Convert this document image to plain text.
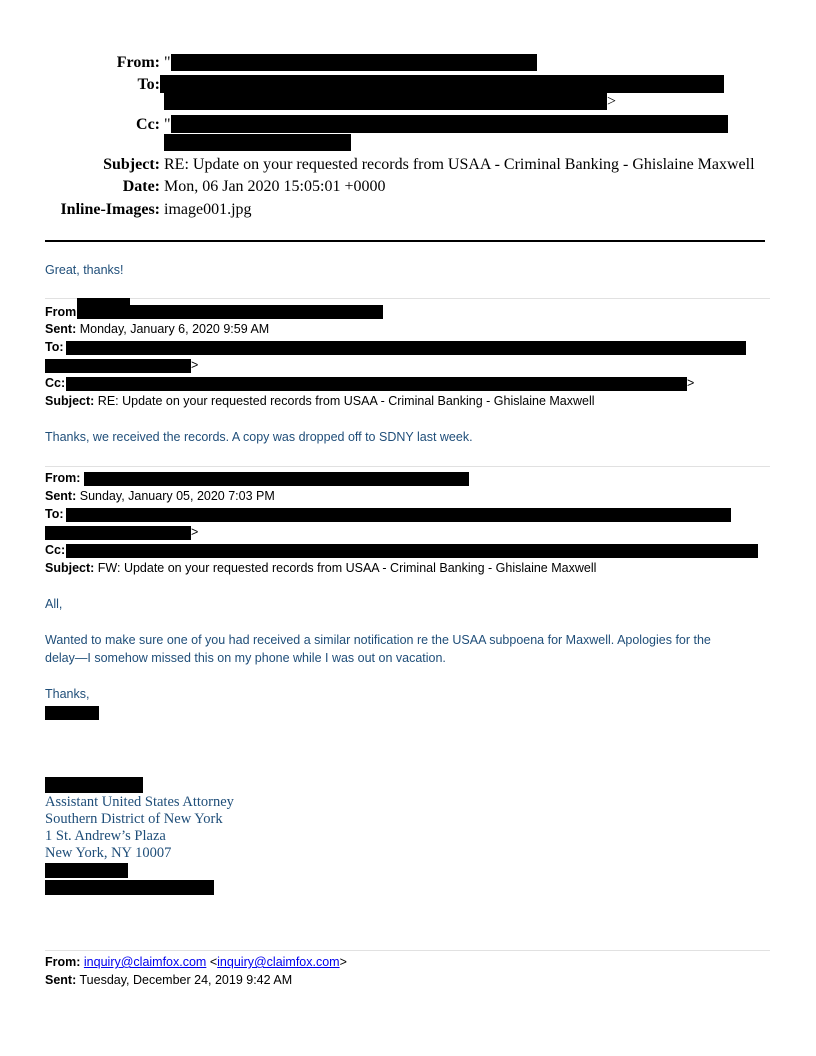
From: "
To:
>
Cc: "
Subject: RE: Update on your requested records from USAA - Criminal Banking - Ghislaine Maxwell
Date: Mon, 06 Jan 2020 15:05:01 +0000
Inline-Images: image001.jpg
Great, thanks!
From
Sent: Monday, January 6, 2020 9:59 AM
To:
>
Cc:	>
Subject: RE: Update on your requested records from USAA - Criminal Banking - Ghislaine Maxwell
Thanks, we received the records. A copy was dropped off to SDNY last week.
From:
Sent: Sunday, January 05, 2020 7:03 PM
To:
>
Cc:
Subject: FW: Update on your requested records from USAA - Criminal Banking - Ghislaine Maxwell
All,
Wanted to make sure one of you had received a similar notification re the USAA subpoena for Maxwell. Apologies for the
delay—I somehow missed this on my phone while I was out on vacation.
Thanks,
Assistant United States Attorney
Southern District of New York
1 St. Andrew’s Plaza
New York, NY 10007
From: inquiry@claimfox.com <inquiry@claimfox.com>
Sent: Tuesday, December 24, 2019 9:42 AM
